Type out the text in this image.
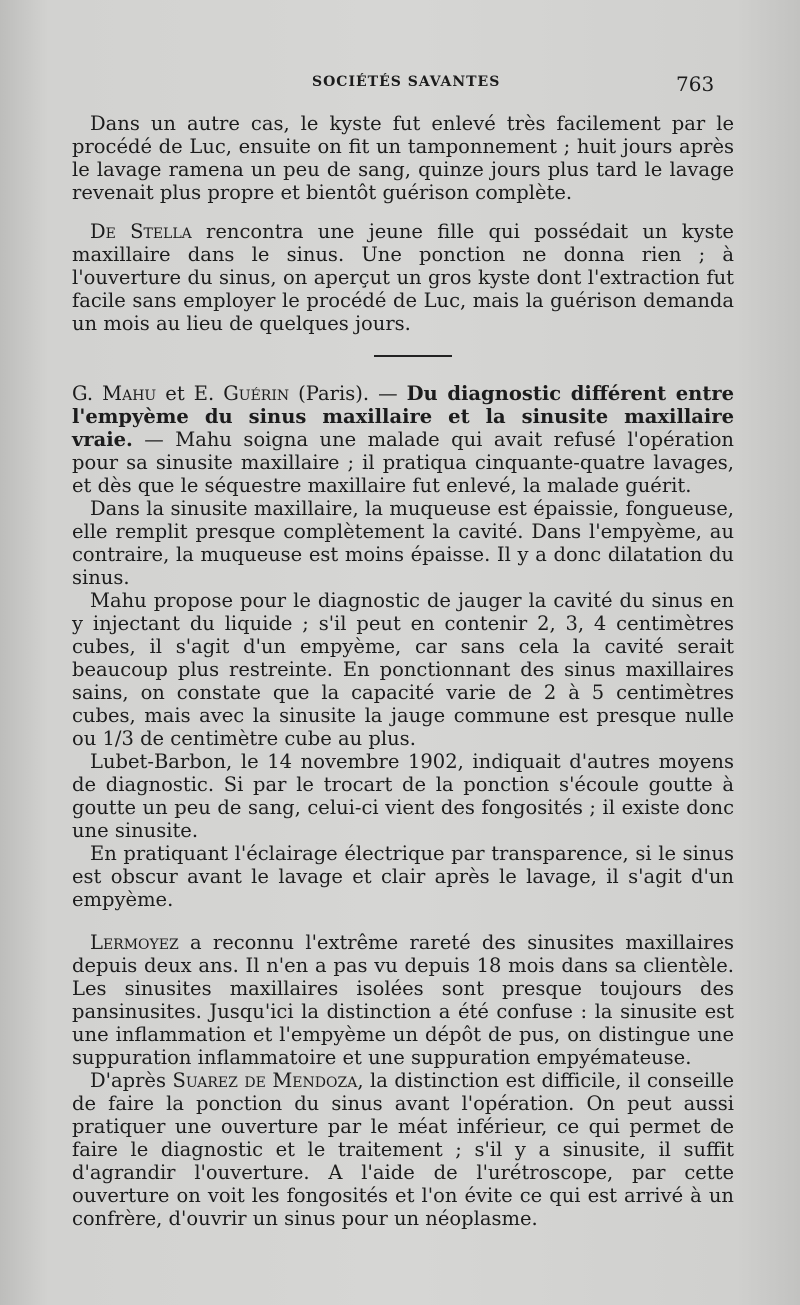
SOCIÉTÉS SAVANTES	763

Dans un autre cas, le kyste fut enlevé très facilement par le procédé de Luc, ensuite on fit un tamponnement ; huit jours après le lavage ramena un peu de sang, quinze jours plus tard le lavage revenait plus propre et bientôt guérison complète.

De Stella rencontra une jeune fille qui possédait un kyste maxillaire dans le sinus. Une ponction ne donna rien ; à l'ouverture du sinus, on aperçut un gros kyste dont l'extraction fut facile sans employer le procédé de Luc, mais la guérison demanda un mois au lieu de quelques jours.

G. Mahu et E. Guérin (Paris). — Du diagnostic différent entre l'empyème du sinus maxillaire et la sinusite maxillaire vraie. — Mahu soigna une malade qui avait refusé l'opération pour sa sinusite maxillaire ; il pratiqua cinquante-quatre lavages, et dès que le séquestre maxillaire fut enlevé, la malade guérit.

Dans la sinusite maxillaire, la muqueuse est épaissie, fongueuse, elle remplit presque complètement la cavité. Dans l'empyème, au contraire, la muqueuse est moins épaisse. Il y a donc dilatation du sinus.

Mahu propose pour le diagnostic de jauger la cavité du sinus en y injectant du liquide ; s'il peut en contenir 2, 3, 4 centimètres cubes, il s'agit d'un empyème, car sans cela la cavité serait beaucoup plus restreinte. En ponctionnant des sinus maxillaires sains, on constate que la capacité varie de 2 à 5 centimètres cubes, mais avec la sinusite la jauge commune est presque nulle ou 1/3 de centimètre cube au plus.

Lubet-Barbon, le 14 novembre 1902, indiquait d'autres moyens de diagnostic. Si par le trocart de la ponction s'écoule goutte à goutte un peu de sang, celui-ci vient des fongosités ; il existe donc une sinusite.

En pratiquant l'éclairage électrique par transparence, si le sinus est obscur avant le lavage et clair après le lavage, il s'agit d'un empyème.

Lermoyez a reconnu l'extrême rareté des sinusites maxillaires depuis deux ans. Il n'en a pas vu depuis 18 mois dans sa clientèle. Les sinusites maxillaires isolées sont presque toujours des pansinusites. Jusqu'ici la distinction a été confuse : la sinusite est une inflammation et l'empyème un dépôt de pus, on distingue une suppuration inflammatoire et une suppuration empyémateuse.

D'après Suarez de Mendoza, la distinction est difficile, il conseille de faire la ponction du sinus avant l'opération. On peut aussi pratiquer une ouverture par le méat inférieur, ce qui permet de faire le diagnostic et le traitement ; s'il y a sinusite, il suffit d'agrandir l'ouverture. A l'aide de l'urétroscope, par cette ouverture on voit les fongosités et l'on évite ce qui est arrivé à un confrère, d'ouvrir un sinus pour un néoplasme.
